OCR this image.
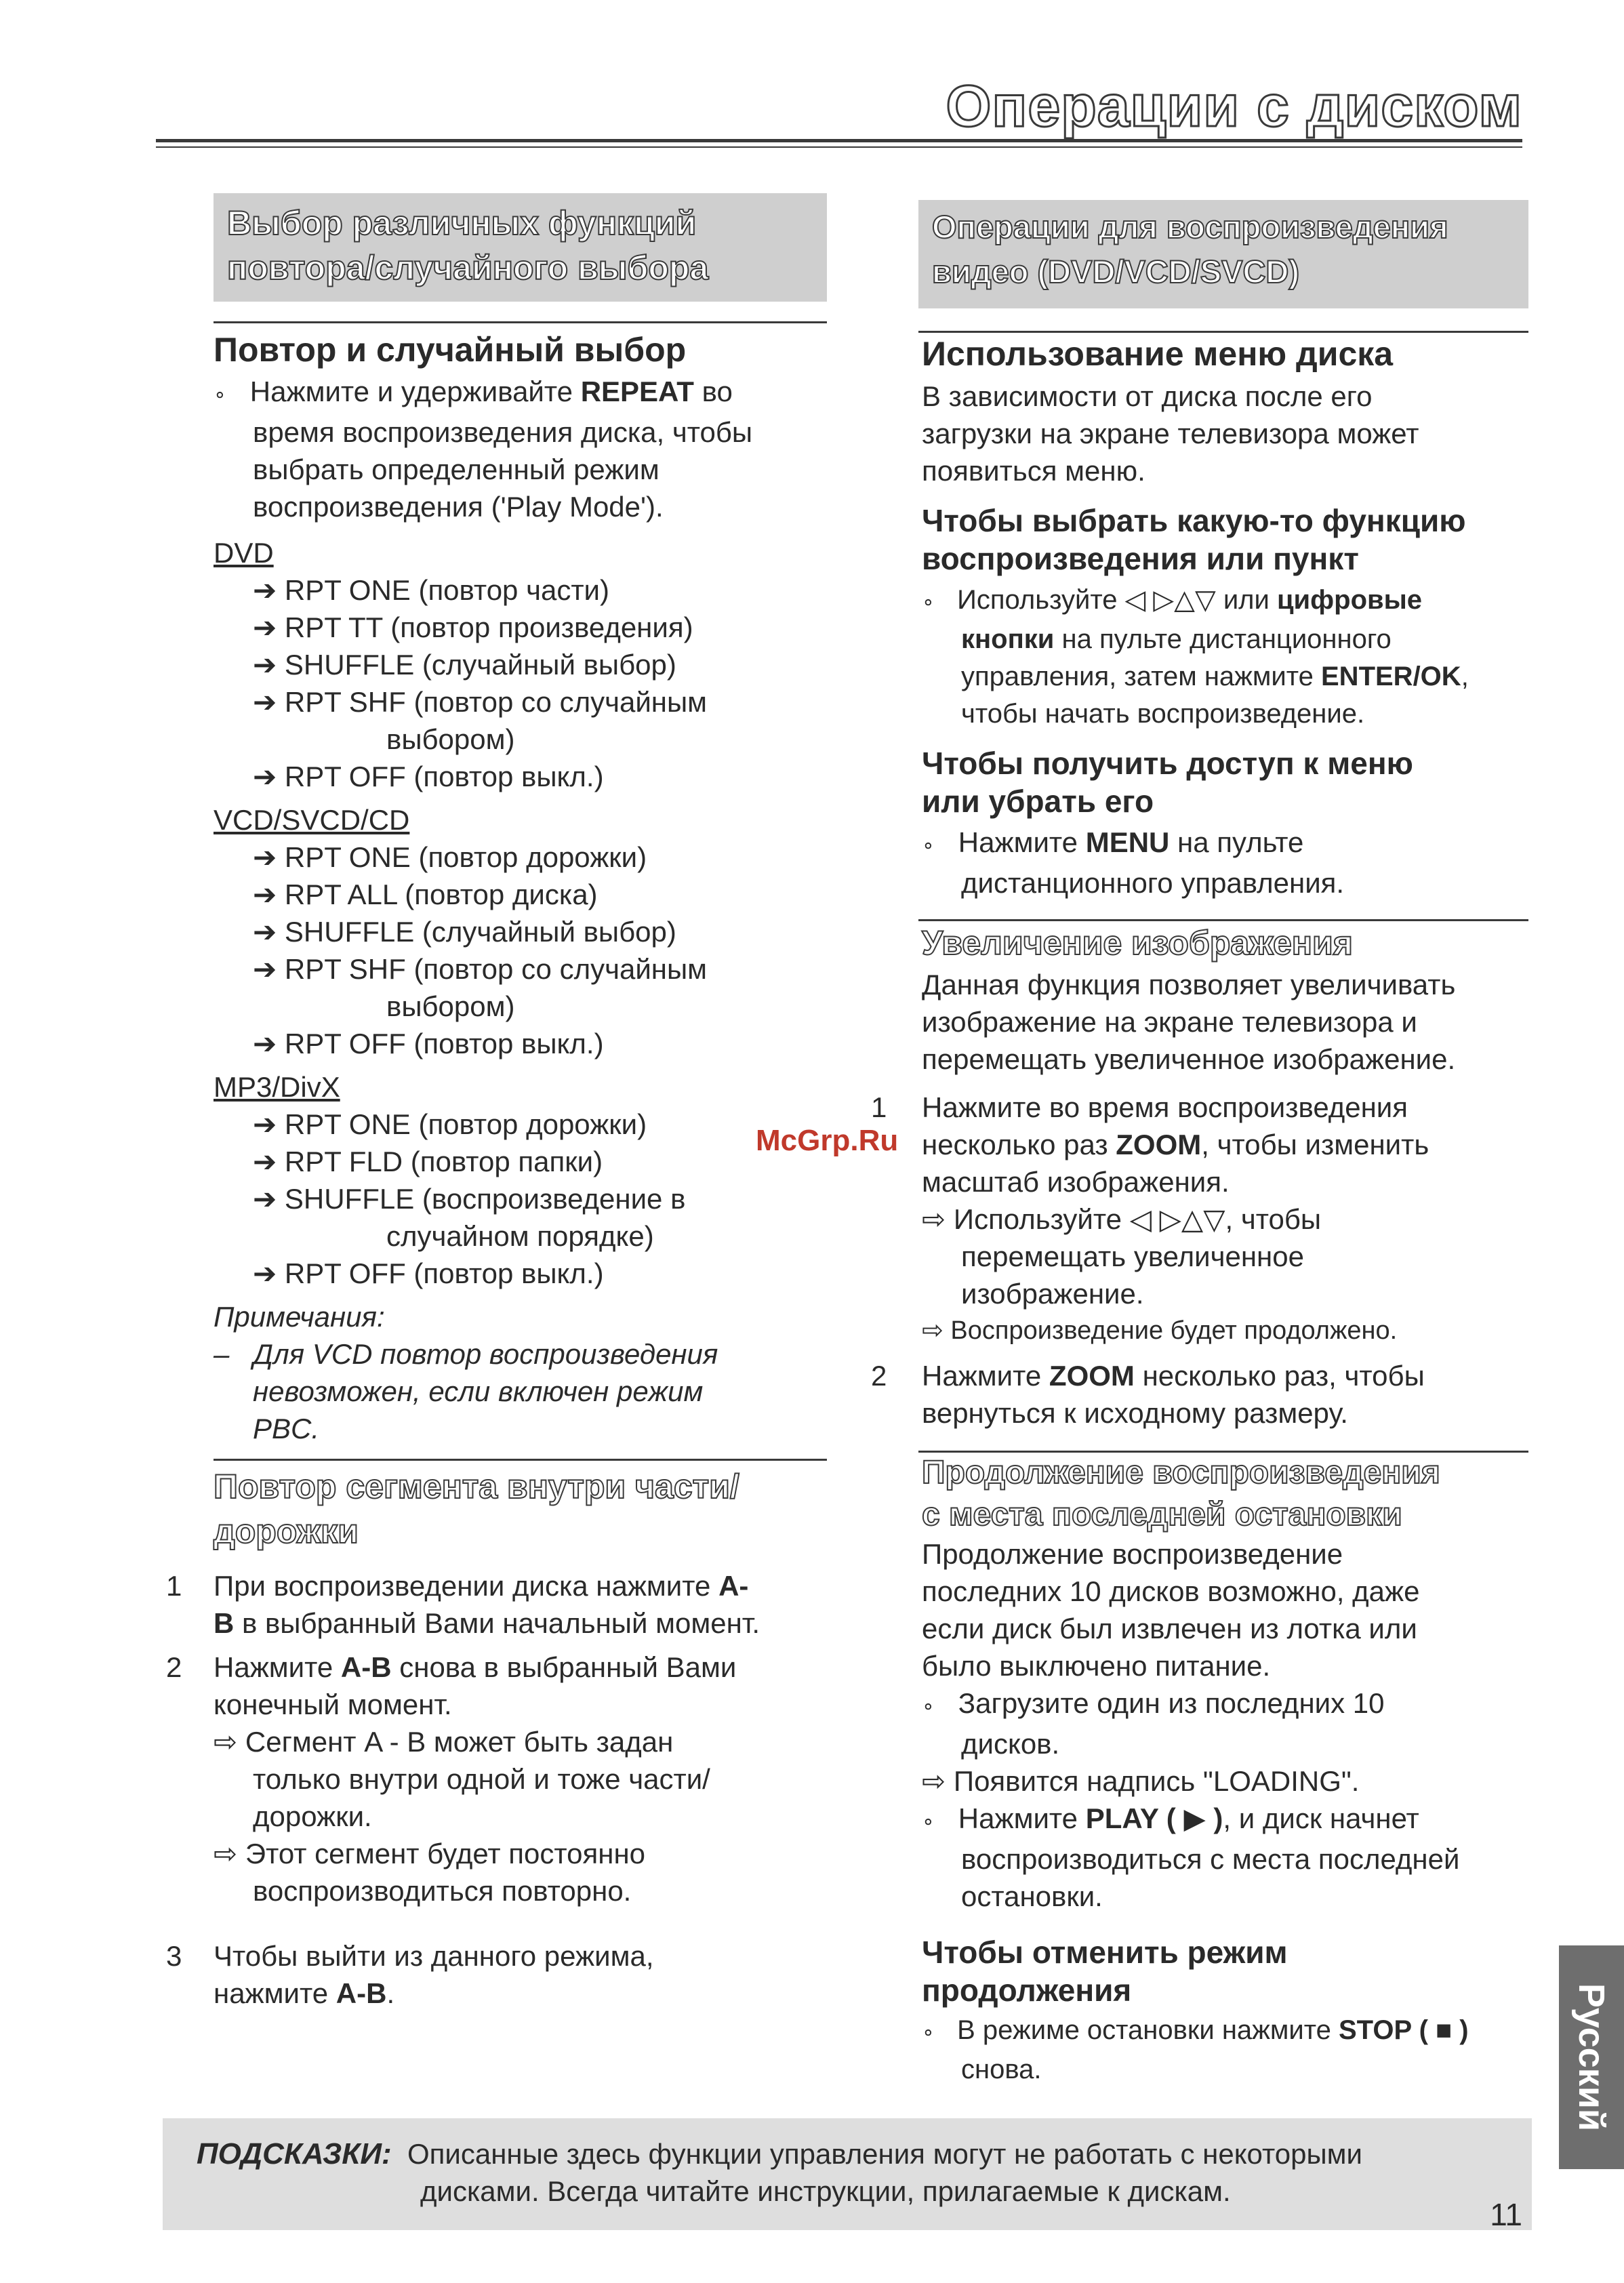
Операции с диском
Выбор различных функций
повтора/случайного выбора
Повтор и случайный выбор
∘ Нажмите и удерживайте REPEAT во
время воспроизведения диска, чтобы
выбрать определенный режим
воспроизведения ('Play Mode').
DVD
➔ RPT ONE (повтор части)
➔ RPT TT (повтор произведения)
➔ SHUFFLE (случайный выбор)
➔ RPT SHF (повтор со случайным
выбором)
➔ RPT OFF (повтор выкл.)
VCD/SVCD/CD
➔ RPT ONE (повтор дорожки)
➔ RPT ALL (повтор диска)
➔ SHUFFLE (случайный выбор)
➔ RPT SHF (повтор со случайным
выбором)
➔ RPT OFF (повтор выкл.)
MP3/DivX
➔ RPT ONE (повтор дорожки)
➔ RPT FLD (повтор папки)
➔ SHUFFLE (воспроизведение в
случайном порядке)
➔ RPT OFF (повтор выкл.)
Примечания:
– Для VCD повтор воспроизведения
невозможен, если включен режим
PBC.
Повтор сегмента внутри части/
дорожки
1 При воспроизведении диска нажмите A-
B в выбранный Вами начальный момент.
2 Нажмите A-B снова в выбранный Вами
конечный момент.
⇨ Сегмент A - B может быть задан
только внутри одной и тоже части/
дорожки.
⇨ Этот сегмент будет постоянно
воспроизводиться повторно.
3 Чтобы выйти из данного режима,
нажмите A-B.
Операции для воспроизведения
видео (DVD/VCD/SVCD)
Использование меню диска
В зависимости от диска после его
загрузки на экране телевизора может
появиться меню.
Чтобы выбрать какую-то функцию
воспроизведения или пункт
∘ Используйте ◁ ▷△▽ или цифровые
кнопки на пульте дистанционного
управления, затем нажмите ENTER/OK,
чтобы начать воспроизведение.
Чтобы получить доступ к меню
или убрать его
∘ Нажмите MENU на пульте
дистанционного управления.
Увеличение изображения
Данная функция позволяет увеличивать
изображение на экране телевизора и
перемещать увеличенное изображение.
1 Нажмите во время воспроизведения
несколько раз ZOOM, чтобы изменить
масштаб изображения.
⇨ Используйте ◁ ▷△▽, чтобы
перемещать увеличенное
изображение.
⇨ Воспроизведение будет продолжено.
2 Нажмите ZOOM несколько раз, чтобы
вернуться к исходному размеру.
Продолжение воспроизведения
с места последней остановки
Продолжение воспроизведение
последних 10 дисков возможно, даже
если диск был извлечен из лотка или
было выключено питание.
∘ Загрузите один из последних 10
дисков.
⇨ Появится надпись "LOADING".
∘ Нажмите PLAY ( ▶ ), и диск начнет
воспроизводиться с места последней
остановки.
Чтобы отменить режим
продолжения
∘ В режиме остановки нажмите STOP ( ■ )
снова.
McGrp.Ru
Русский
ПОДСКАЗКИ: Описанные здесь функции управления могут не работать с некоторыми
дисками. Всегда читайте инструкции, прилагаемые к дискам.
11
